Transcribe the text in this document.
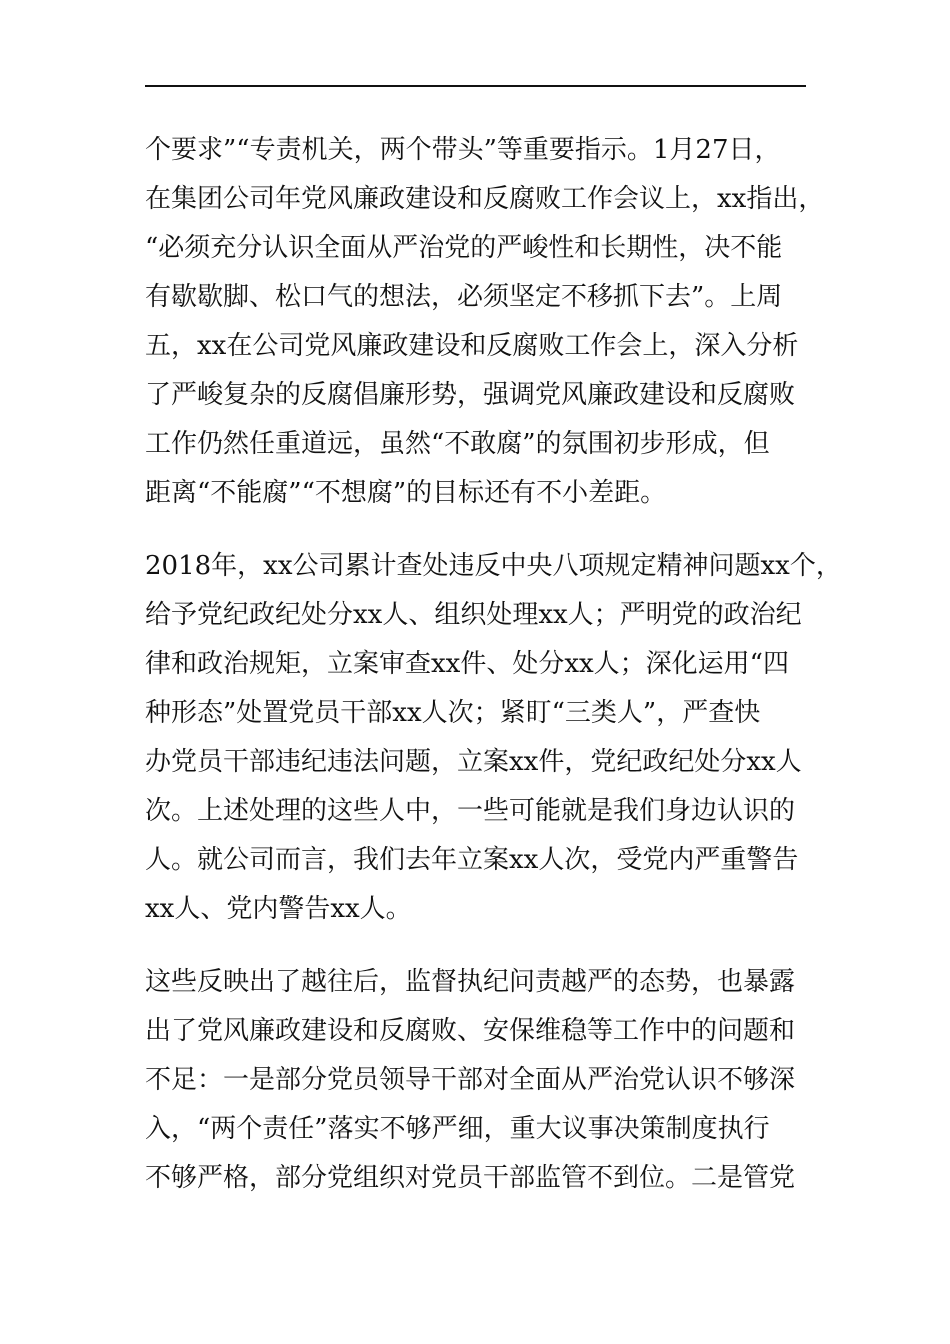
个要求”“专责机关，两个带头”等重要指示。1月27日，
在集团公司年党风廉政建设和反腐败工作会议上，xx指出，
“必须充分认识全面从严治党的严峻性和长期性，决不能
有歇歇脚、松口气的想法，必须坚定不移抓下去”。上周
五，xx在公司党风廉政建设和反腐败工作会上，深入分析
了严峻复杂的反腐倡廉形势，强调党风廉政建设和反腐败
工作仍然任重道远，虽然“不敢腐”的氛围初步形成，但
距离“不能腐”“不想腐”的目标还有不小差距。

2018年，xx公司累计查处违反中央八项规定精神问题xx个，
给予党纪政纪处分xx人、组织处理xx人；严明党的政治纪
律和政治规矩，立案审查xx件、处分xx人；深化运用“四
种形态”处置党员干部xx人次；紧盯“三类人”，严查快
办党员干部违纪违法问题，立案xx件，党纪政纪处分xx人
次。上述处理的这些人中，一些可能就是我们身边认识的
人。就公司而言，我们去年立案xx人次，受党内严重警告
xx人、党内警告xx人。

这些反映出了越往后，监督执纪问责越严的态势，也暴露
出了党风廉政建设和反腐败、安保维稳等工作中的问题和
不足：一是部分党员领导干部对全面从严治党认识不够深
入，“两个责任”落实不够严细，重大议事决策制度执行
不够严格，部分党组织对党员干部监管不到位。二是管党
